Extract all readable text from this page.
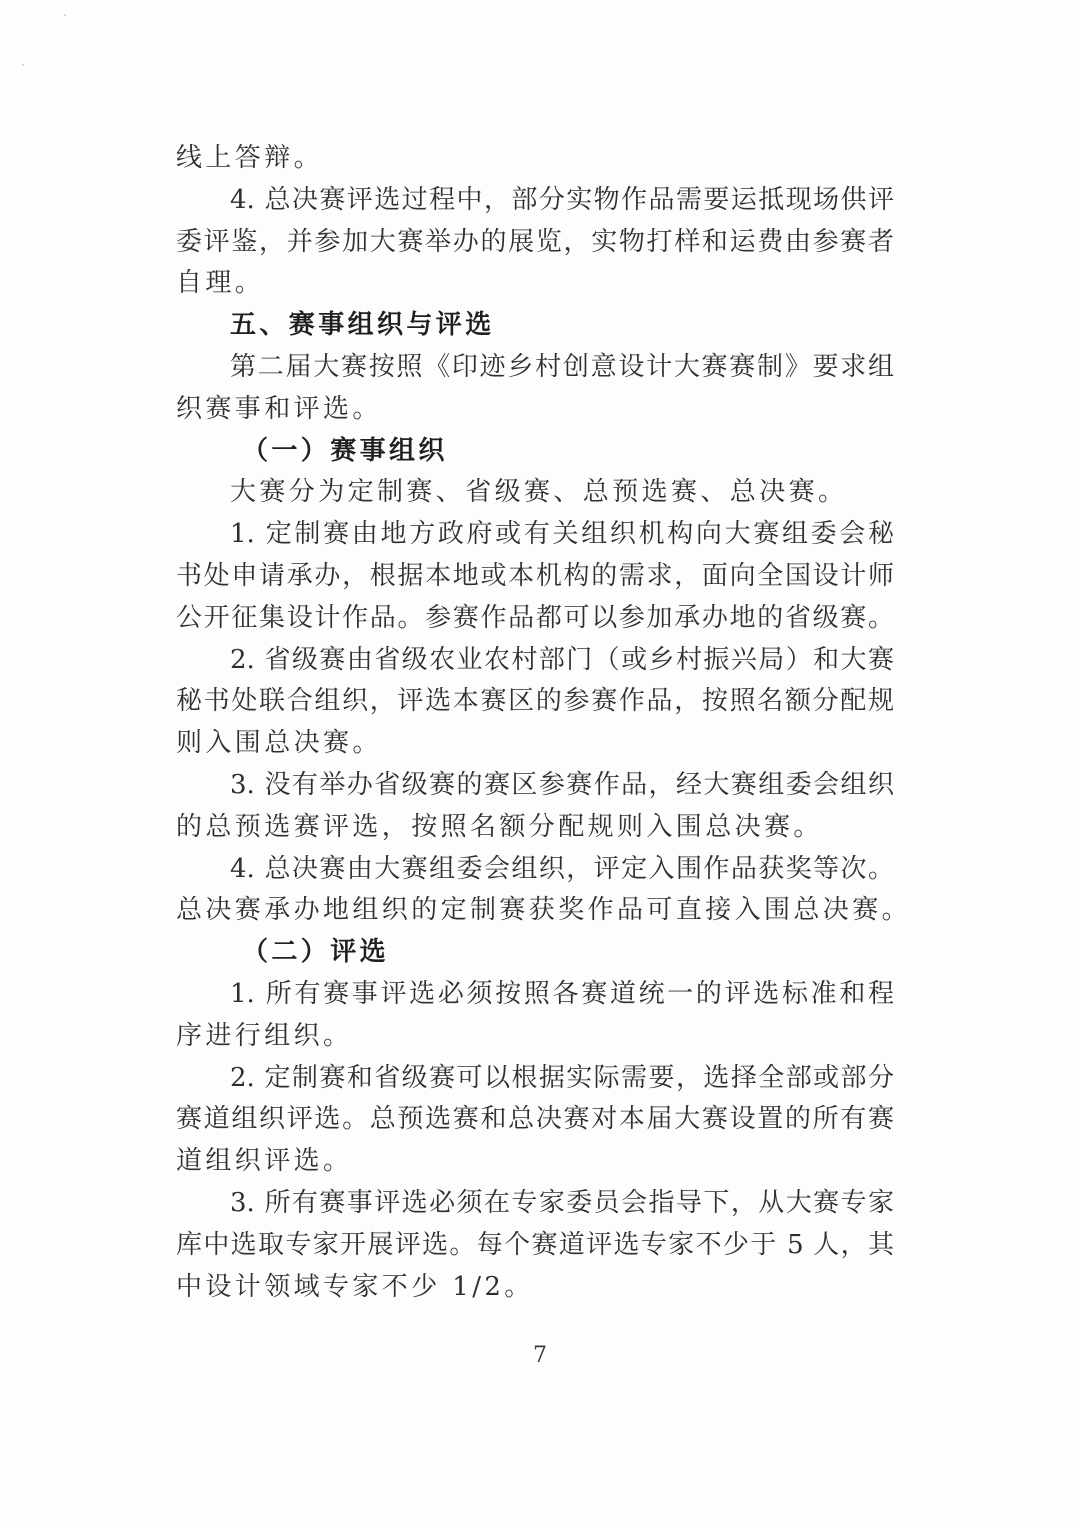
线上答辩。
4. 总决赛评选过程中，部分实物作品需要运抵现场供评
委评鉴，并参加大赛举办的展览，实物打样和运费由参赛者
自理。
五、赛事组织与评选
第二届大赛按照《印迹乡村创意设计大赛赛制》要求组
织赛事和评选。
（一）赛事组织
大赛分为定制赛、省级赛、总预选赛、总决赛。
1. 定制赛由地方政府或有关组织机构向大赛组委会秘
书处申请承办，根据本地或本机构的需求，面向全国设计师
公开征集设计作品。参赛作品都可以参加承办地的省级赛。
2. 省级赛由省级农业农村部门（或乡村振兴局）和大赛
秘书处联合组织，评选本赛区的参赛作品，按照名额分配规
则入围总决赛。
3. 没有举办省级赛的赛区参赛作品，经大赛组委会组织
的总预选赛评选，按照名额分配规则入围总决赛。
4. 总决赛由大赛组委会组织，评定入围作品获奖等次。
总决赛承办地组织的定制赛获奖作品可直接入围总决赛。
（二）评选
1. 所有赛事评选必须按照各赛道统一的评选标准和程
序进行组织。
2. 定制赛和省级赛可以根据实际需要，选择全部或部分
赛道组织评选。总预选赛和总决赛对本届大赛设置的所有赛
道组织评选。
3. 所有赛事评选必须在专家委员会指导下，从大赛专家
库中选取专家开展评选。每个赛道评选专家不少于 5 人，其
中设计领域专家不少 1/2。
7
